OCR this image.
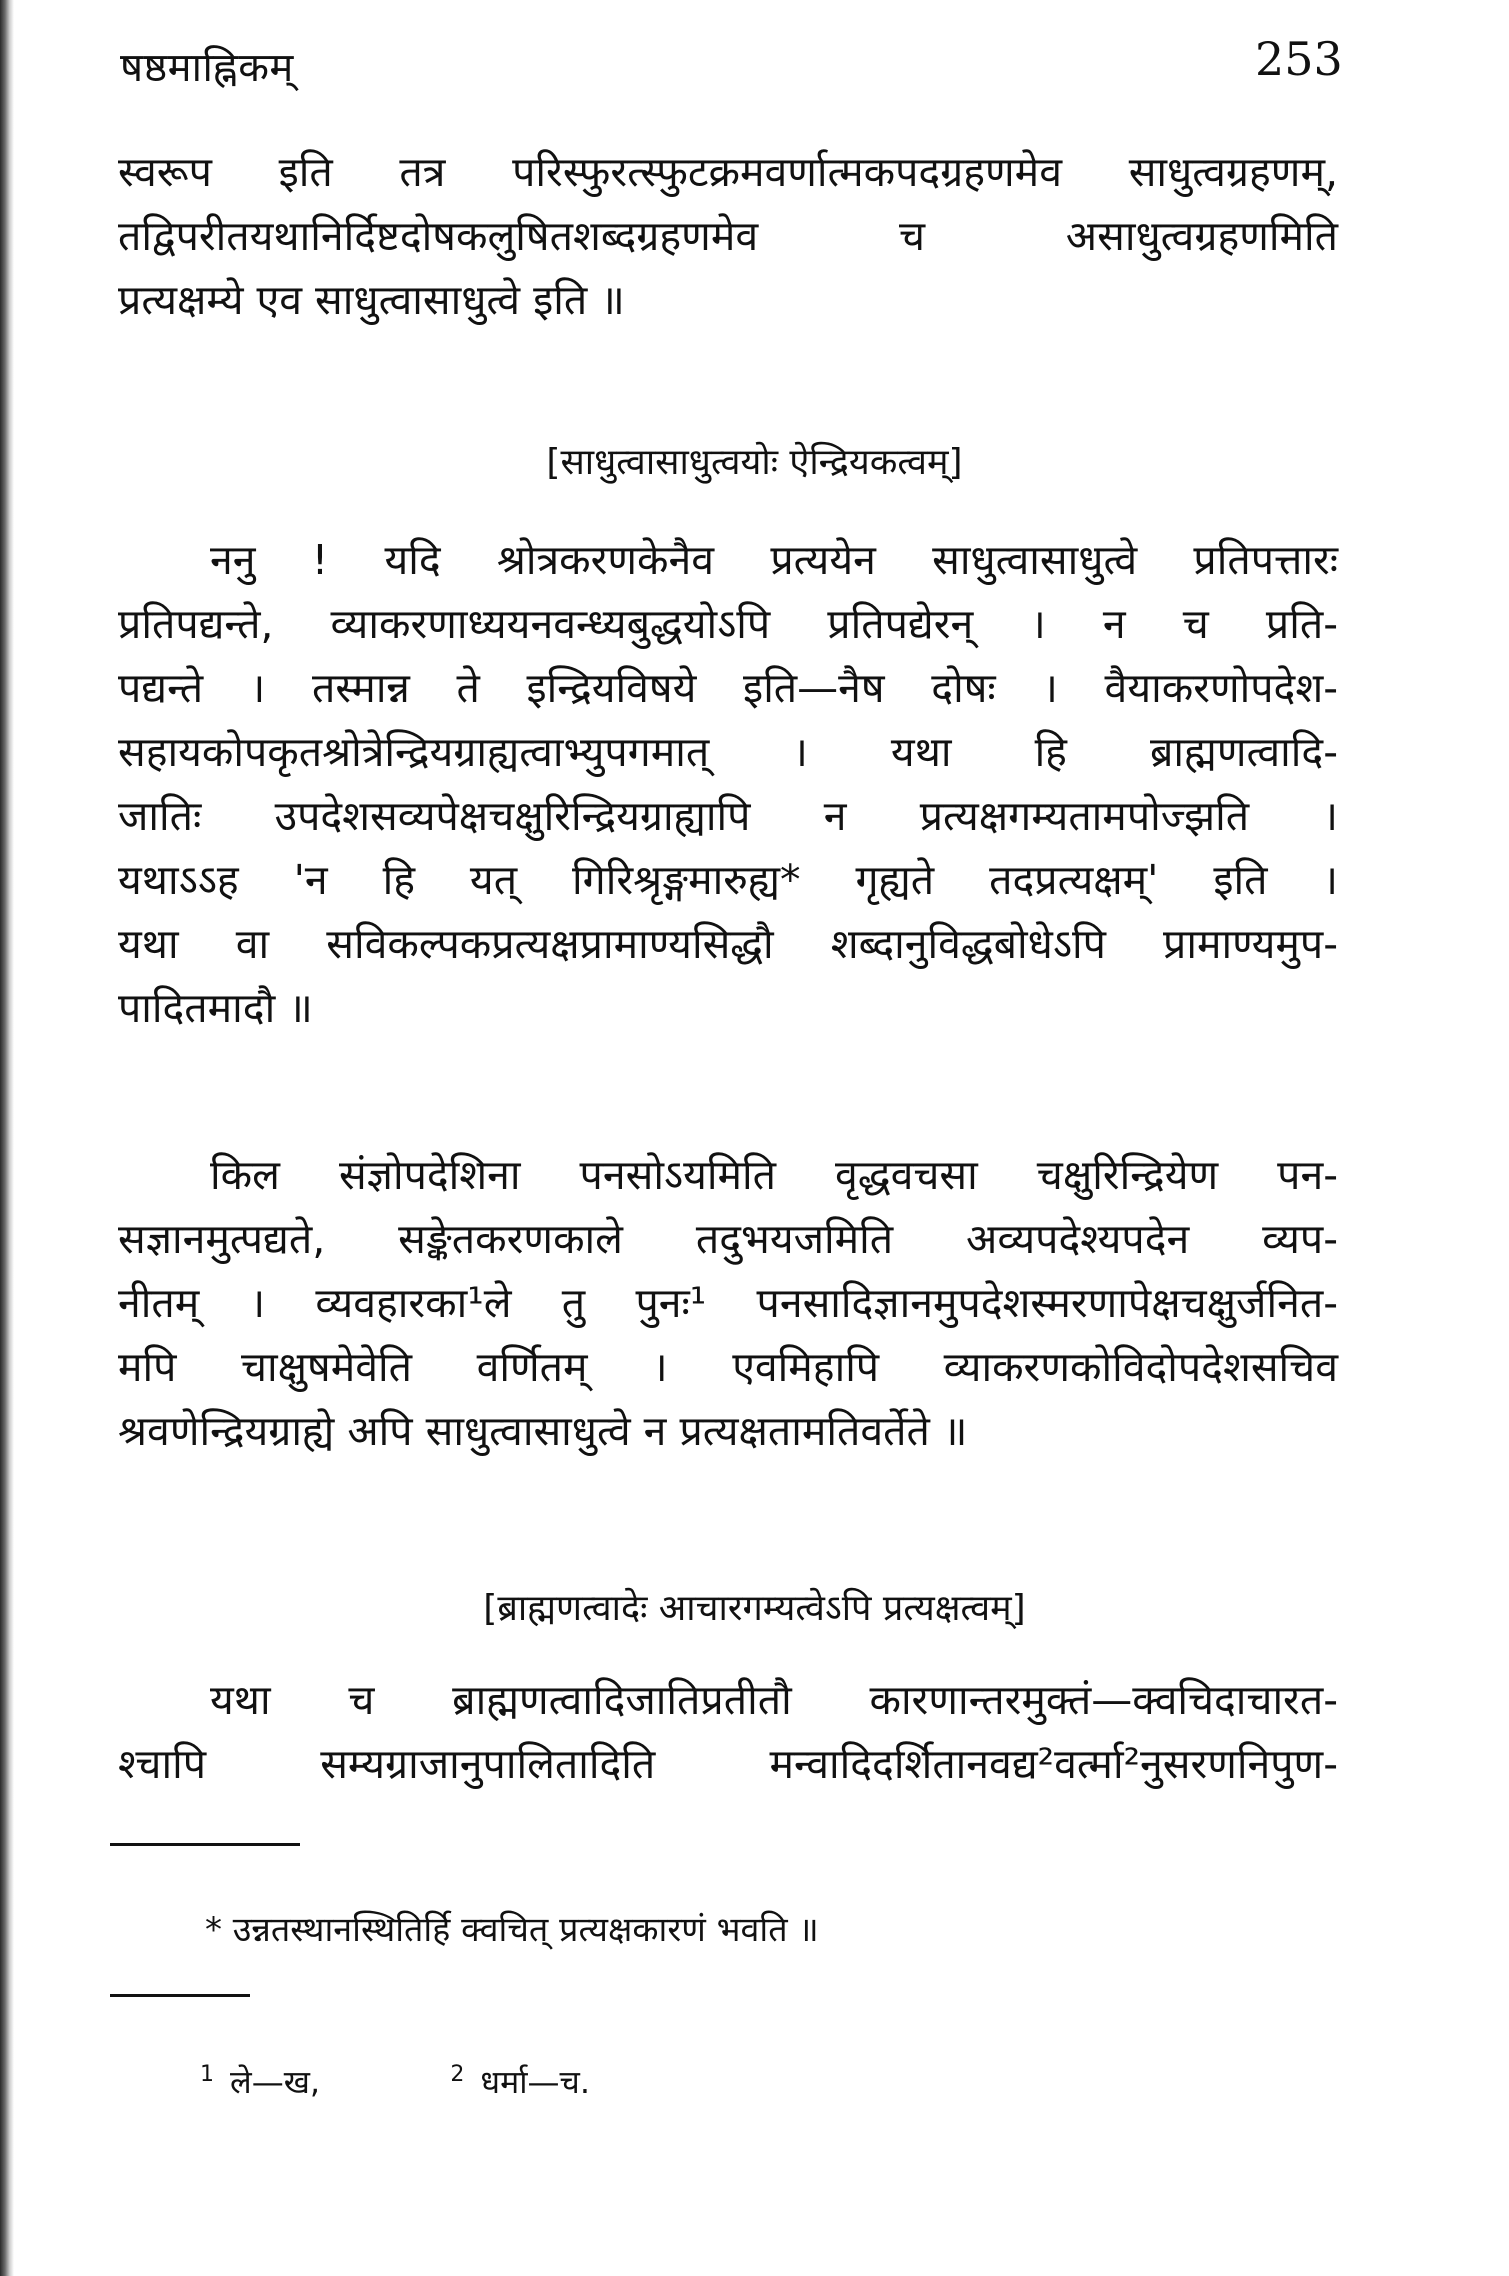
षष्ठमाह्निकम्	253
स्वरूप इति तत्र परिस्फुरत्स्फुटक्रमवर्णात्मकपदग्रहणमेव साधुत्वग्रहणम्,
तद्विपरीतयथानिर्दिष्टदोषकलुषितशब्दग्रहणमेव च असाधुत्वग्रहणमिति
प्रत्यक्षम्ये एव साधुत्वासाधुत्वे इति ॥
[साधुत्वासाधुत्वयोः ऐन्द्रियकत्वम्]
ननु ! यदि श्रोत्रकरणकेनैव प्रत्ययेन साधुत्वासाधुत्वे प्रतिपत्तारः
प्रतिपद्यन्ते, व्याकरणाध्ययनवन्ध्यबुद्धयोऽपि प्रतिपद्येरन् । न च प्रति-
पद्यन्ते । तस्मान्न ते इन्द्रियविषये इति—नैष दोषः । वैयाकरणोपदेश-
सहायकोपकृतश्रोत्रेन्द्रियग्राह्यत्वाभ्युपगमात् । यथा हि ब्राह्मणत्वादि-
जातिः उपदेशसव्यपेक्षचक्षुरिन्द्रियग्राह्यापि न प्रत्यक्षगम्यतामपोज्झति ।
यथाऽऽह 'न हि यत् गिरिश्रृङ्गमारुह्य* गृह्यते तदप्रत्यक्षम्' इति ।
यथा वा सविकल्पकप्रत्यक्षप्रामाण्यसिद्धौ शब्दानुविद्धबोधेऽपि प्रामाण्यमुप-
पादितमादौ ॥
किल संज्ञोपदेशिना पनसोऽयमिति वृद्धवचसा चक्षुरिन्द्रियेण पन-
सज्ञानमुत्पद्यते, सङ्केतकरणकाले तदुभयजमिति अव्यपदेश्यपदेन व्यप-
नीतम् । व्यवहारका¹ले तु पुनः¹ पनसादिज्ञानमुपदेशस्मरणापेक्षचक्षुर्जनित-
मपि चाक्षुषमेवेति वर्णितम् । एवमिहापि व्याकरणकोविदोपदेशसचिव
श्रवणेन्द्रियग्राह्ये अपि साधुत्वासाधुत्वे न प्रत्यक्षतामतिवर्तेते ॥
[ब्राह्मणत्वादेः आचारगम्यत्वेऽपि प्रत्यक्षत्वम्]
यथा च ब्राह्मणत्वादिजातिप्रतीतौ कारणान्तरमुक्तं—क्वचिदाचारत-
श्चापि सम्यग्राजानुपालितादिति मन्वादिदर्शितानवद्य²वर्त्मा²नुसरणनिपुण-
* उन्नतस्थानस्थितिर्हि क्वचित् प्रत्यक्षकारणं भवति ॥
$^1$ ले—ख,	$^2$ धर्मा—च.
